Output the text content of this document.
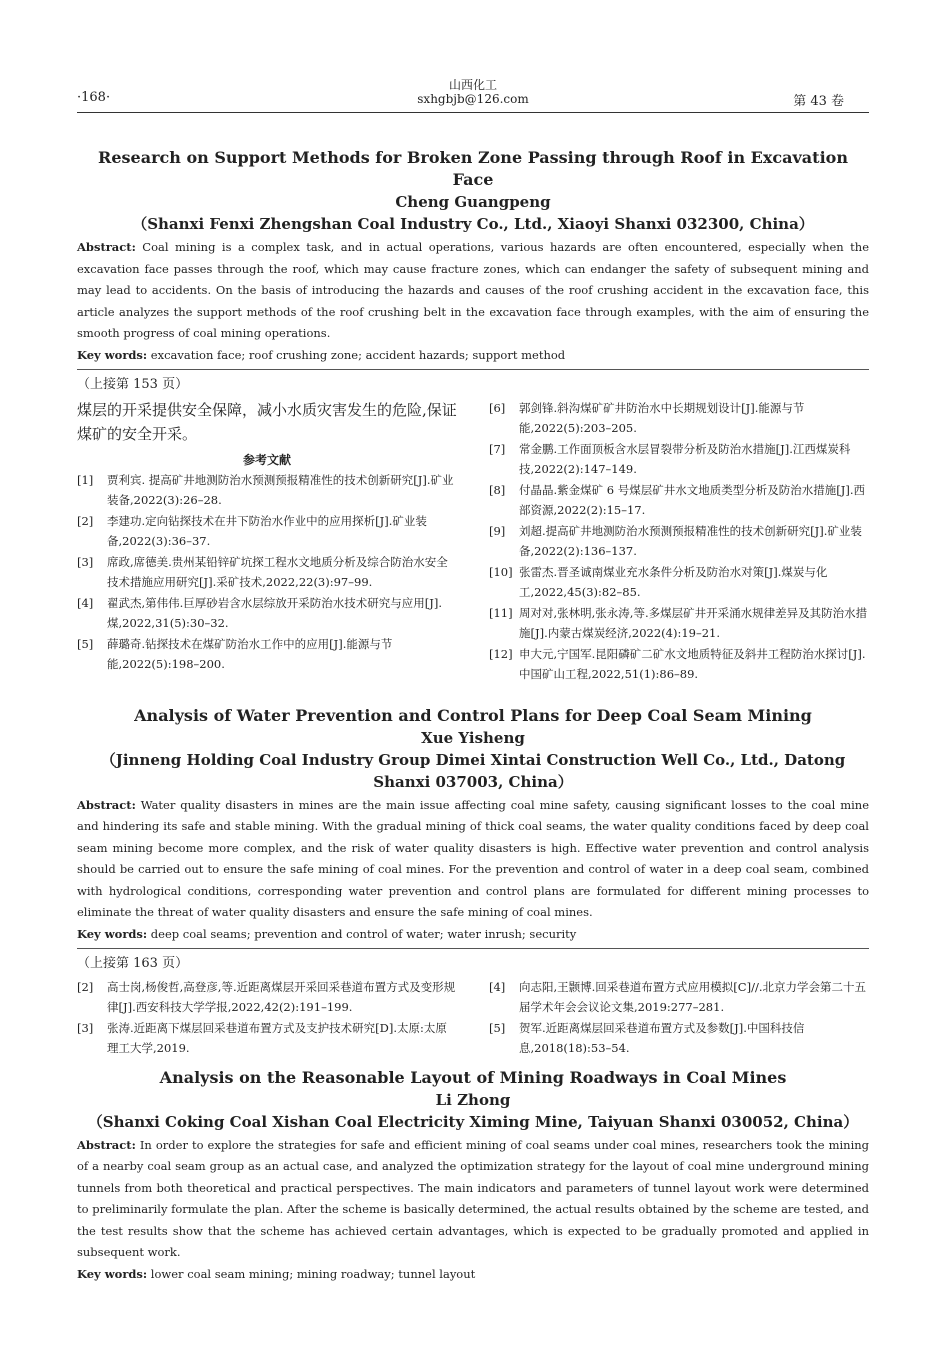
·168·
山西化工
sxhgbjb@126.com	第 43 卷
Research on Support Methods for Broken Zone Passing through Roof in Excavation Face
Cheng Guangpeng
（Shanxi Fenxi Zhengshan Coal Industry Co., Ltd., Xiaoyi Shanxi 032300, China）
Abstract: Coal mining is a complex task, and in actual operations, various hazards are often encountered, especially when the excavation face passes through the roof, which may cause fracture zones, which can endanger the safety of subsequent mining and may lead to accidents. On the basis of introducing the hazards and causes of the roof crushing accident in the excavation face, this article analyzes the support methods of the roof crushing belt in the excavation face through examples, with the aim of ensuring the smooth progress of coal mining operations.
Key words: excavation face; roof crushing zone; accident hazards; support method
（上接第 153 页）
煤层的开采提供安全保障，减小水质灾害发生的危险,保证煤矿的安全开采。
参考文献
[1]	贾利宾. 提高矿井地测防治水预测预报精准性的技术创新研究[J].矿业装备,2022(3):26–28.
[2]	李建功.定向钻探技术在井下防治水作业中的应用探析[J].矿业装备,2022(3):36–37.
[3]	席政,席德美.贵州某铅锌矿坑探工程水文地质分析及综合防治水安全技术措施应用研究[J].采矿技术,2022,22(3):97–99.
[4]	翟武杰,第伟伟.巨厚砂岩含水层综放开采防治水技术研究与应用[J].煤,2022,31(5):30–32.
[5]	薛璐奇.钻探技术在煤矿防治水工作中的应用[J].能源与节能,2022(5):198–200.
[6]	郭剑锋.斜沟煤矿矿井防治水中长期规划设计[J].能源与节能,2022(5):203–205.
[7]	常金鹏.工作面顶板含水层冒裂带分析及防治水措施[J].江西煤炭科技,2022(2):147–149.
[8]	付晶晶.紫金煤矿 6 号煤层矿井水文地质类型分析及防治水措施[J].西部资源,2022(2):15–17.
[9]	刘超.提高矿井地测防治水预测预报精准性的技术创新研究[J].矿业装备,2022(2):136–137.
[10] 张雷杰.晋圣诚南煤业充水条件分析及防治水对策[J].煤炭与化工,2022,45(3):82–85.
[11] 周对对,张林明,张永涛,等.多煤层矿井开采涌水规律差异及其防治水措施[J].内蒙古煤炭经济,2022(4):19–21.
[12] 申大元,宁国军.昆阳磷矿二矿水文地质特征及斜井工程防治水探讨[J].中国矿山工程,2022,51(1):86–89.
Analysis of Water Prevention and Control Plans for Deep Coal Seam Mining
Xue Yisheng
（Jinneng Holding Coal Industry Group Dimei Xintai Construction Well Co., Ltd., Datong Shanxi 037003, China）
Abstract: Water quality disasters in mines are the main issue affecting coal mine safety, causing significant losses to the coal mine and hindering its safe and stable mining. With the gradual mining of thick coal seams, the water quality conditions faced by deep coal seam mining become more complex, and the risk of water quality disasters is high. Effective water prevention and control analysis should be carried out to ensure the safe mining of coal mines. For the prevention and control of water in a deep coal seam, combined with hydrological conditions, corresponding water prevention and control plans are formulated for different mining processes to eliminate the threat of water quality disasters and ensure the safe mining of coal mines.
Key words: deep coal seams; prevention and control of water; water inrush; security
（上接第 163 页）
[2]	高士岗,杨俊哲,高登彦,等.近距离煤层开采回采巷道布置方式及变形规律[J].西安科技大学学报,2022,42(2):191–199.
[3]	张涛.近距离下煤层回采巷道布置方式及支护技术研究[D].太原:太原理工大学,2019.
[4]	向志阳,王颢博.回采巷道布置方式应用模拟[C]//.北京力学会第二十五届学术年会会议论文集,2019:277–281.
[5]	贺军.近距离煤层回采巷道布置方式及参数[J].中国科技信息,2018(18):53–54.
Analysis on the Reasonable Layout of Mining Roadways in Coal Mines
Li Zhong
（Shanxi Coking Coal Xishan Coal Electricity Ximing Mine, Taiyuan Shanxi 030052, China）
Abstract: In order to explore the strategies for safe and efficient mining of coal seams under coal mines, researchers took the mining of a nearby coal seam group as an actual case, and analyzed the optimization strategy for the layout of coal mine underground mining tunnels from both theoretical and practical perspectives. The main indicators and parameters of tunnel layout work were determined to preliminarily formulate the plan. After the scheme is basically determined, the actual results obtained by the scheme are tested, and the test results show that the scheme has achieved certain advantages, which is expected to be gradually promoted and applied in subsequent work.
Key words: lower coal seam mining; mining roadway; tunnel layout
